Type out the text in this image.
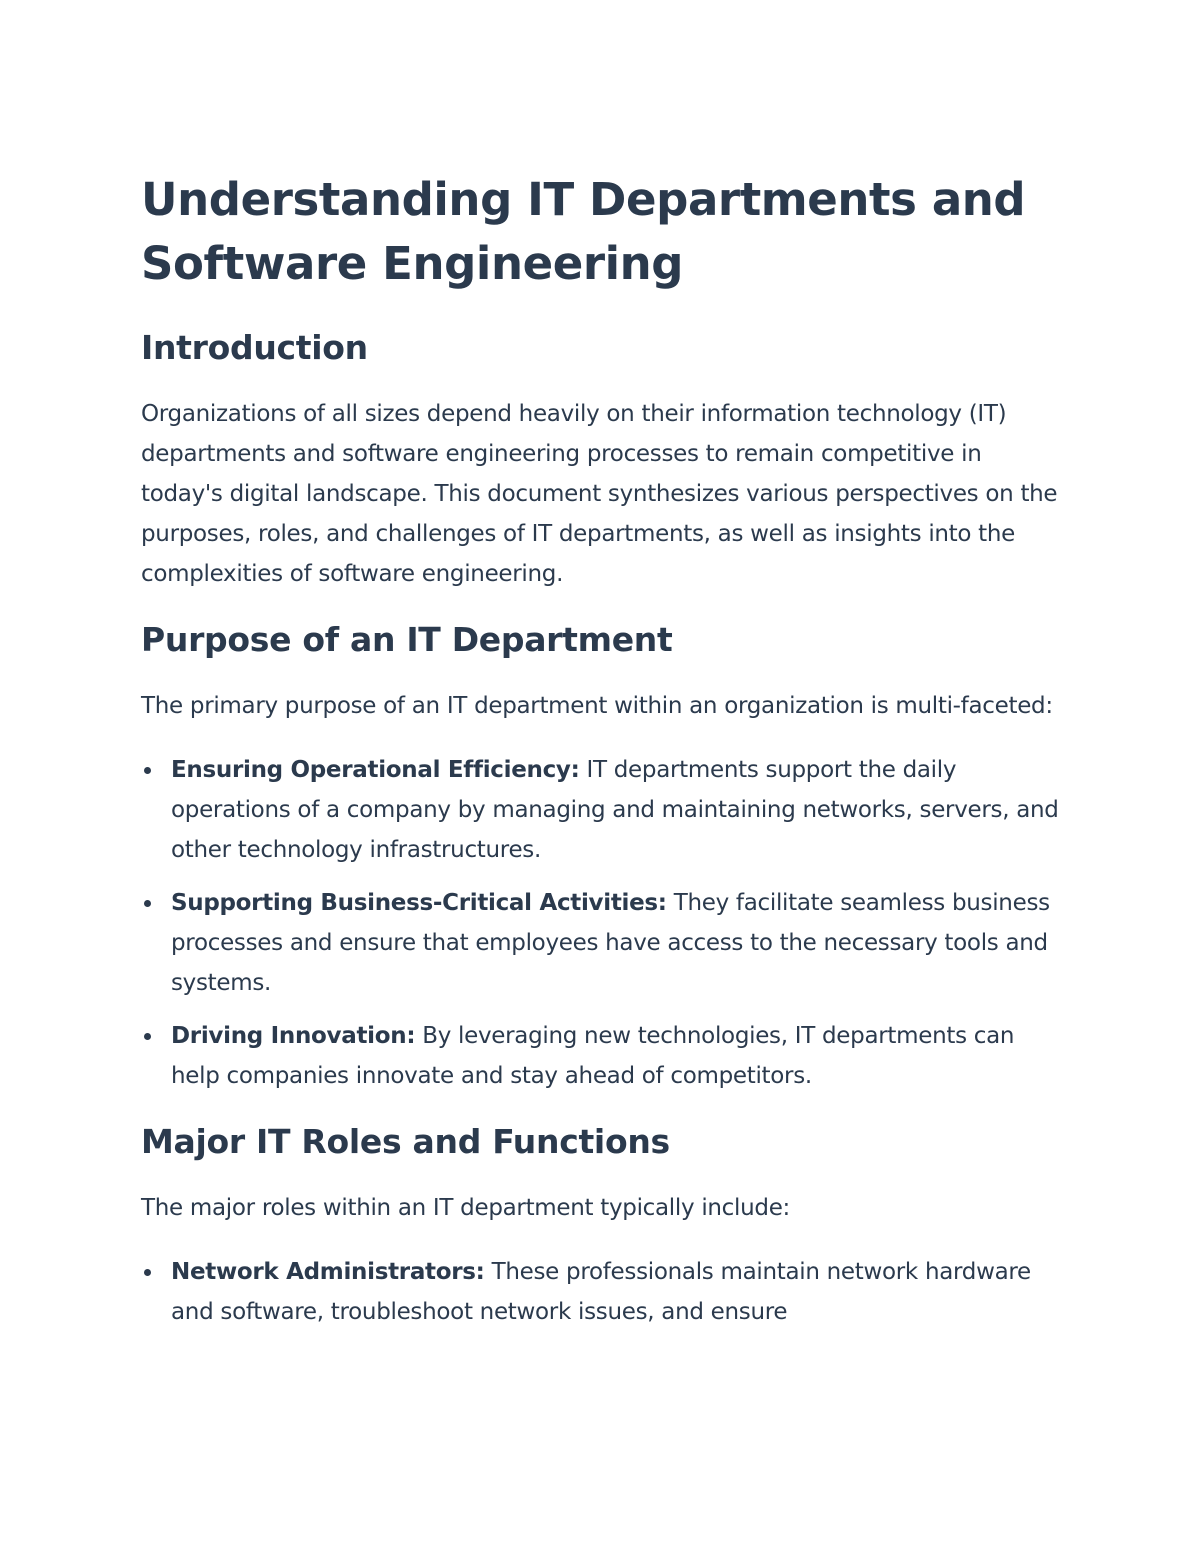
Understanding IT Departments and Software Engineering
Introduction

Organizations of all sizes depend heavily on their information technology (IT) departments and software engineering processes to remain competitive in today's digital landscape. This document synthesizes various perspectives on the purposes, roles, and challenges of IT departments, as well as insights into the complexities of software engineering.

Purpose of an IT Department

The primary purpose of an IT department within an organization is multi-faceted:

Ensuring Operational Efficiency: IT departments support the daily operations of a company by managing and maintaining networks, servers, and other technology infrastructures.
Supporting Business-Critical Activities: They facilitate seamless business processes and ensure that employees have access to the necessary tools and systems.
Driving Innovation: By leveraging new technologies, IT departments can help companies innovate and stay ahead of competitors.
Major IT Roles and Functions

The major roles within an IT department typically include:

Network Administrators: These professionals maintain network hardware and software, troubleshoot network issues, and ensure
